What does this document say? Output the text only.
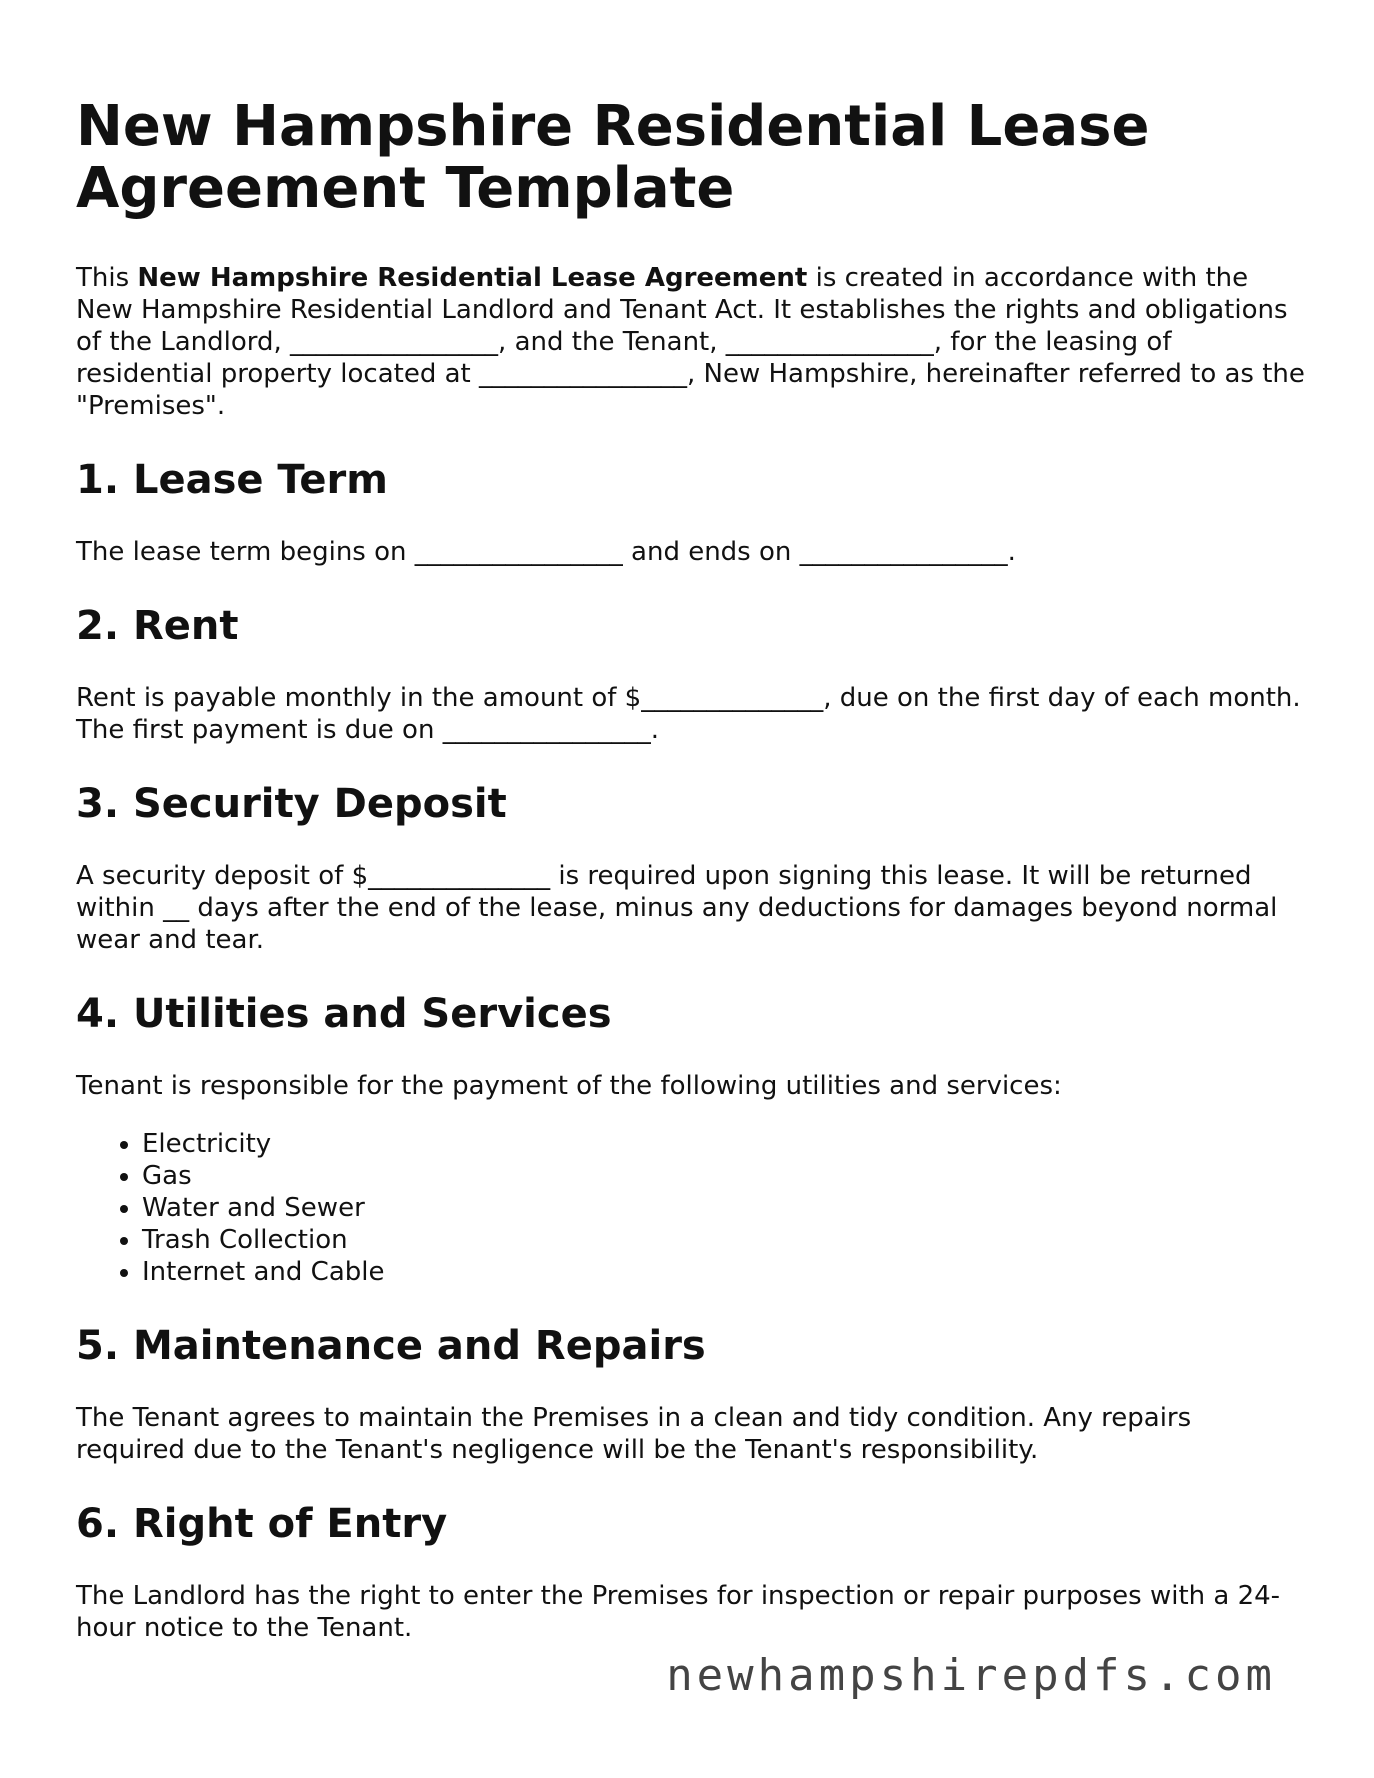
New Hampshire Residential Lease Agreement Template

This New Hampshire Residential Lease Agreement is created in accordance with the New Hampshire Residential Landlord and Tenant Act. It establishes the rights and obligations of the Landlord, ________________, and the Tenant, ________________, for the leasing of residential property located at ________________, New Hampshire, hereinafter referred to as the "Premises".

1. Lease Term

The lease term begins on ________________ and ends on ________________.

2. Rent

Rent is payable monthly in the amount of $______________, due on the first day of each month. The first payment is due on ________________.

3. Security Deposit

A security deposit of $______________ is required upon signing this lease. It will be returned within __ days after the end of the lease, minus any deductions for damages beyond normal wear and tear.

4. Utilities and Services

Tenant is responsible for the payment of the following utilities and services:

• Electricity
• Gas
• Water and Sewer
• Trash Collection
• Internet and Cable
5. Maintenance and Repairs

The Tenant agrees to maintain the Premises in a clean and tidy condition. Any repairs required due to the Tenant's negligence will be the Tenant's responsibility.

6. Right of Entry

The Landlord has the right to enter the Premises for inspection or repair purposes with a 24-hour notice to the Tenant.

newhampshirepdfs.com
